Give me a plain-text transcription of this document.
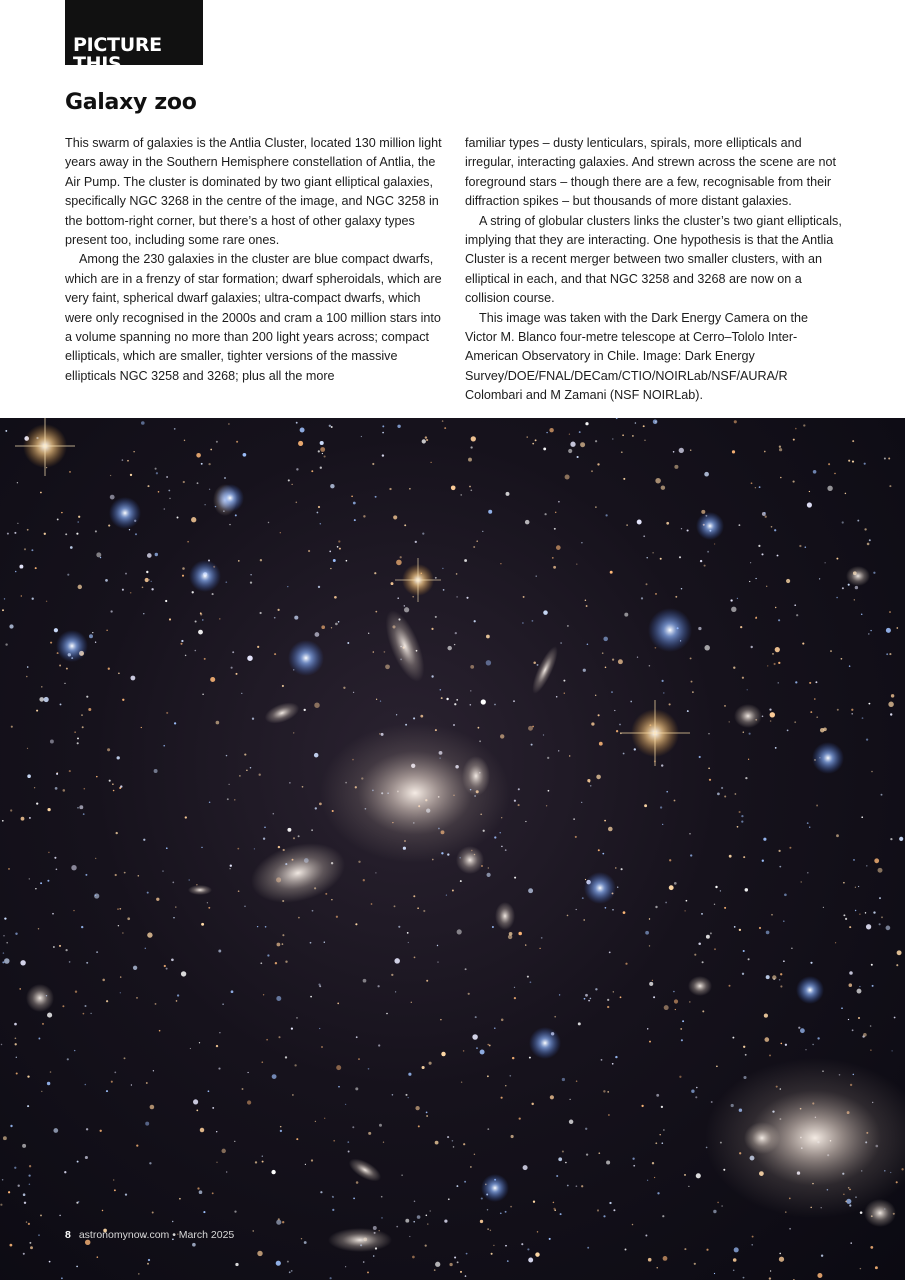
PICTURE THIS
Galaxy zoo

This swarm of galaxies is the Antlia Cluster, located 130 million light years away in the Southern Hemisphere constellation of Antlia, the Air Pump. The cluster is dominated by two giant elliptical galaxies, specifically NGC 3268 in the centre of the image, and NGC 3258 in the bottom-right corner, but there’s a host of other galaxy types present too, including some rare ones.

Among the 230 galaxies in the cluster are blue compact dwarfs, which are in a frenzy of star formation; dwarf spheroidals, which are very faint, spherical dwarf galaxies; ultra-compact dwarfs, which were only recognised in the 2000s and cram a 100 million stars into a volume spanning no more than 200 light years across; compact ellipticals, which are smaller, tighter versions of the massive ellipticals NGC 3258 and 3268; plus all the more

familiar types – dusty lenticulars, spirals, more ellipticals and irregular, interacting galaxies. And strewn across the scene are not foreground stars – though there are a few, recognisable from their diffraction spikes – but thousands of more distant galaxies.

A string of globular clusters links the cluster’s two giant ellipticals, implying that they are interacting. One hypothesis is that the Antlia Cluster is a recent merger between two smaller clusters, with an elliptical in each, and that NGC 3258 and 3268 are now on a collision course.

This image was taken with the Dark Energy Camera on the Victor M. Blanco four-metre telescope at Cerro–Tololo Inter-American Observatory in Chile. Image: Dark Energy Survey/DOE/FNAL/DECam/CTIO/NOIRLab/NSF/AURA/R Colombari and M Zamani (NSF NOIRLab).

8 astronomynow.com • March 2025
